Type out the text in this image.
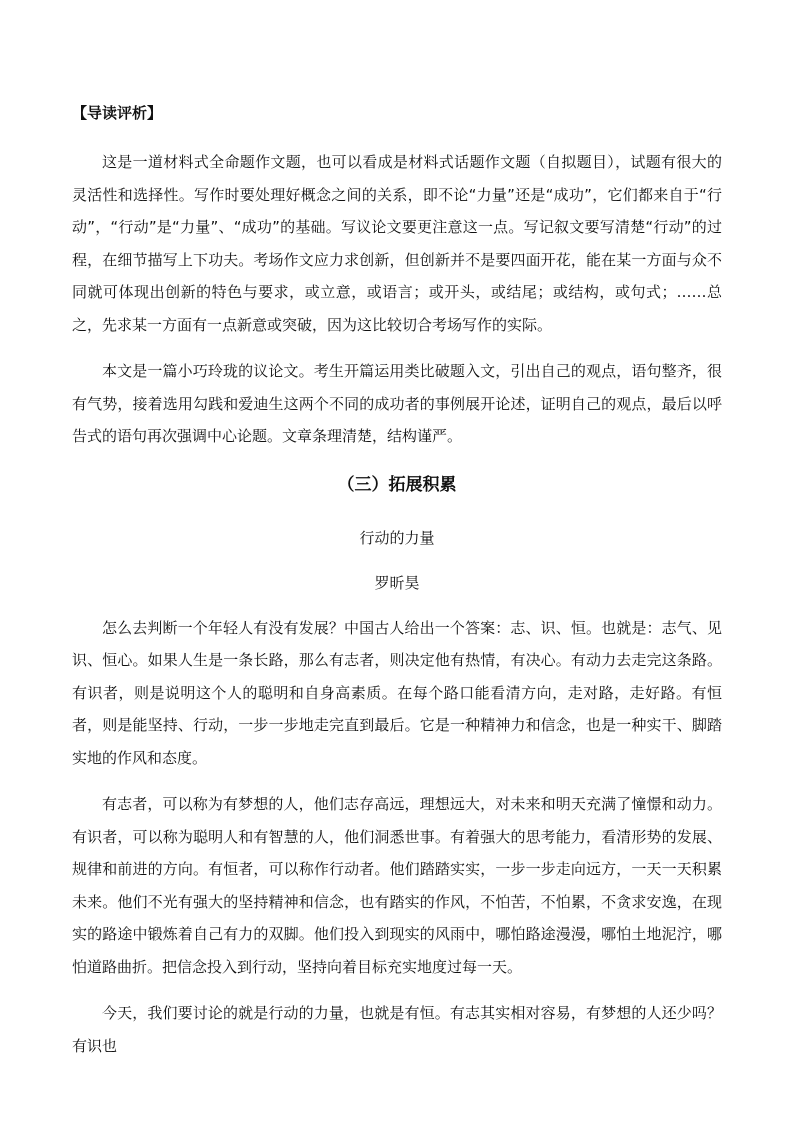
【导读评析】

这是一道材料式全命题作文题，也可以看成是材料式话题作文题（自拟题目），试题有很大的灵活性和选择性。写作时要处理好概念之间的关系，即不论“力量”还是“成功”，它们都来自于“行动”，“行动”是“力量”、“成功”的基础。写议论文要更注意这一点。写记叙文要写清楚“行动”的过程，在细节描写上下功夫。考场作文应力求创新，但创新并不是要四面开花，能在某一方面与众不同就可体现出创新的特色与要求，或立意，或语言；或开头，或结尾；或结构，或句式；……总之，先求某一方面有一点新意或突破，因为这比较切合考场写作的实际。

本文是一篇小巧玲珑的议论文。考生开篇运用类比破题入文，引出自己的观点，语句整齐，很有气势，接着选用勾践和爱迪生这两个不同的成功者的事例展开论述，证明自己的观点，最后以呼告式的语句再次强调中心论题。文章条理清楚，结构谨严。

（三）拓展积累
行动的力量
罗昕昊

怎么去判断一个年轻人有没有发展？中国古人给出一个答案：志、识、恒。也就是：志气、见识、恒心。如果人生是一条长路，那么有志者，则决定他有热情，有决心。有动力去走完这条路。有识者，则是说明这个人的聪明和自身高素质。在每个路口能看清方向，走对路，走好路。有恒者，则是能坚持、行动，一步一步地走完直到最后。它是一种精神力和信念，也是一种实干、脚踏实地的作风和态度。

有志者，可以称为有梦想的人，他们志存高远，理想远大，对未来和明天充满了憧憬和动力。有识者，可以称为聪明人和有智慧的人，他们洞悉世事。有着强大的思考能力，看清形势的发展、规律和前进的方向。有恒者，可以称作行动者。他们踏踏实实，一步一步走向远方，一天一天积累未来。他们不光有强大的坚持精神和信念，也有踏实的作风，不怕苦，不怕累，不贪求安逸，在现实的路途中锻炼着自己有力的双脚。他们投入到现实的风雨中，哪怕路途漫漫，哪怕土地泥泞，哪怕道路曲折。把信念投入到行动，坚持向着目标充实地度过每一天。

今天，我们要讨论的就是行动的力量，也就是有恒。有志其实相对容易，有梦想的人还少吗？有识也
